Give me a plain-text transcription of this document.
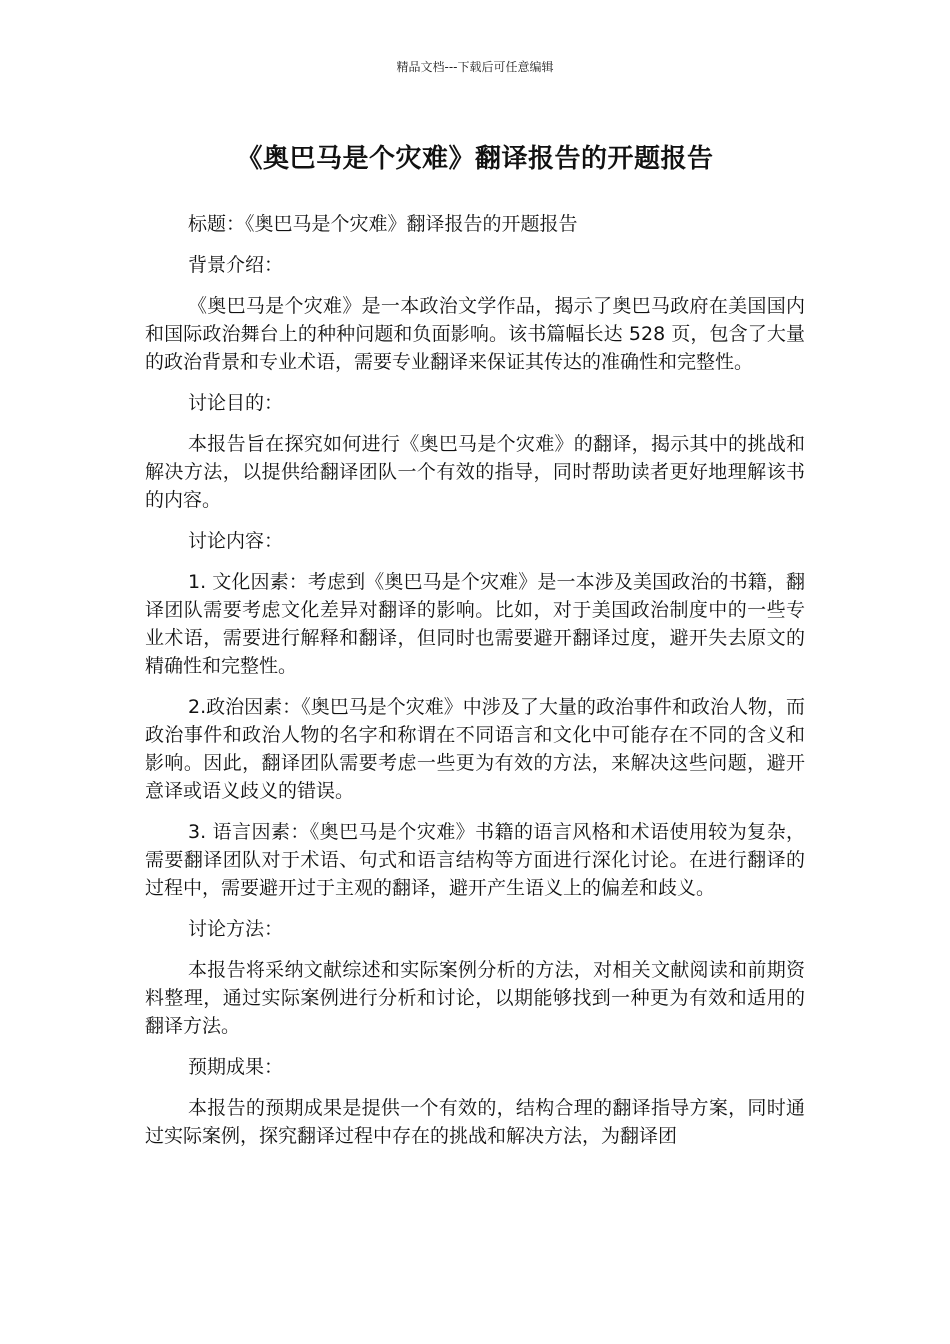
精品文档---下载后可任意编辑
《奥巴马是个灾难》翻译报告的开题报告

标题：《奥巴马是个灾难》翻译报告的开题报告

背景介绍：

《奥巴马是个灾难》是一本政治文学作品，揭示了奥巴马政府在美国国内和国际政治舞台上的种种问题和负面影响。该书篇幅长达 528 页，包含了大量的政治背景和专业术语，需要专业翻译来保证其传达的准确性和完整性。

讨论目的：

本报告旨在探究如何进行《奥巴马是个灾难》的翻译，揭示其中的挑战和解决方法，以提供给翻译团队一个有效的指导，同时帮助读者更好地理解该书的内容。

讨论内容：

1. 文化因素：考虑到《奥巴马是个灾难》是一本涉及美国政治的书籍，翻译团队需要考虑文化差异对翻译的影响。比如，对于美国政治制度中的一些专业术语，需要进行解释和翻译，但同时也需要避开翻译过度，避开失去原文的精确性和完整性。

2.政治因素：《奥巴马是个灾难》中涉及了大量的政治事件和政治人物，而政治事件和政治人物的名字和称谓在不同语言和文化中可能存在不同的含义和影响。因此，翻译团队需要考虑一些更为有效的方法，来解决这些问题，避开意译或语义歧义的错误。

3. 语言因素：《奥巴马是个灾难》书籍的语言风格和术语使用较为复杂，需要翻译团队对于术语、句式和语言结构等方面进行深化讨论。在进行翻译的过程中，需要避开过于主观的翻译，避开产生语义上的偏差和歧义。

讨论方法：

本报告将采纳文献综述和实际案例分析的方法，对相关文献阅读和前期资料整理，通过实际案例进行分析和讨论，以期能够找到一种更为有效和适用的翻译方法。

预期成果：

本报告的预期成果是提供一个有效的，结构合理的翻译指导方案，同时通过实际案例，探究翻译过程中存在的挑战和解决方法，为翻译团
